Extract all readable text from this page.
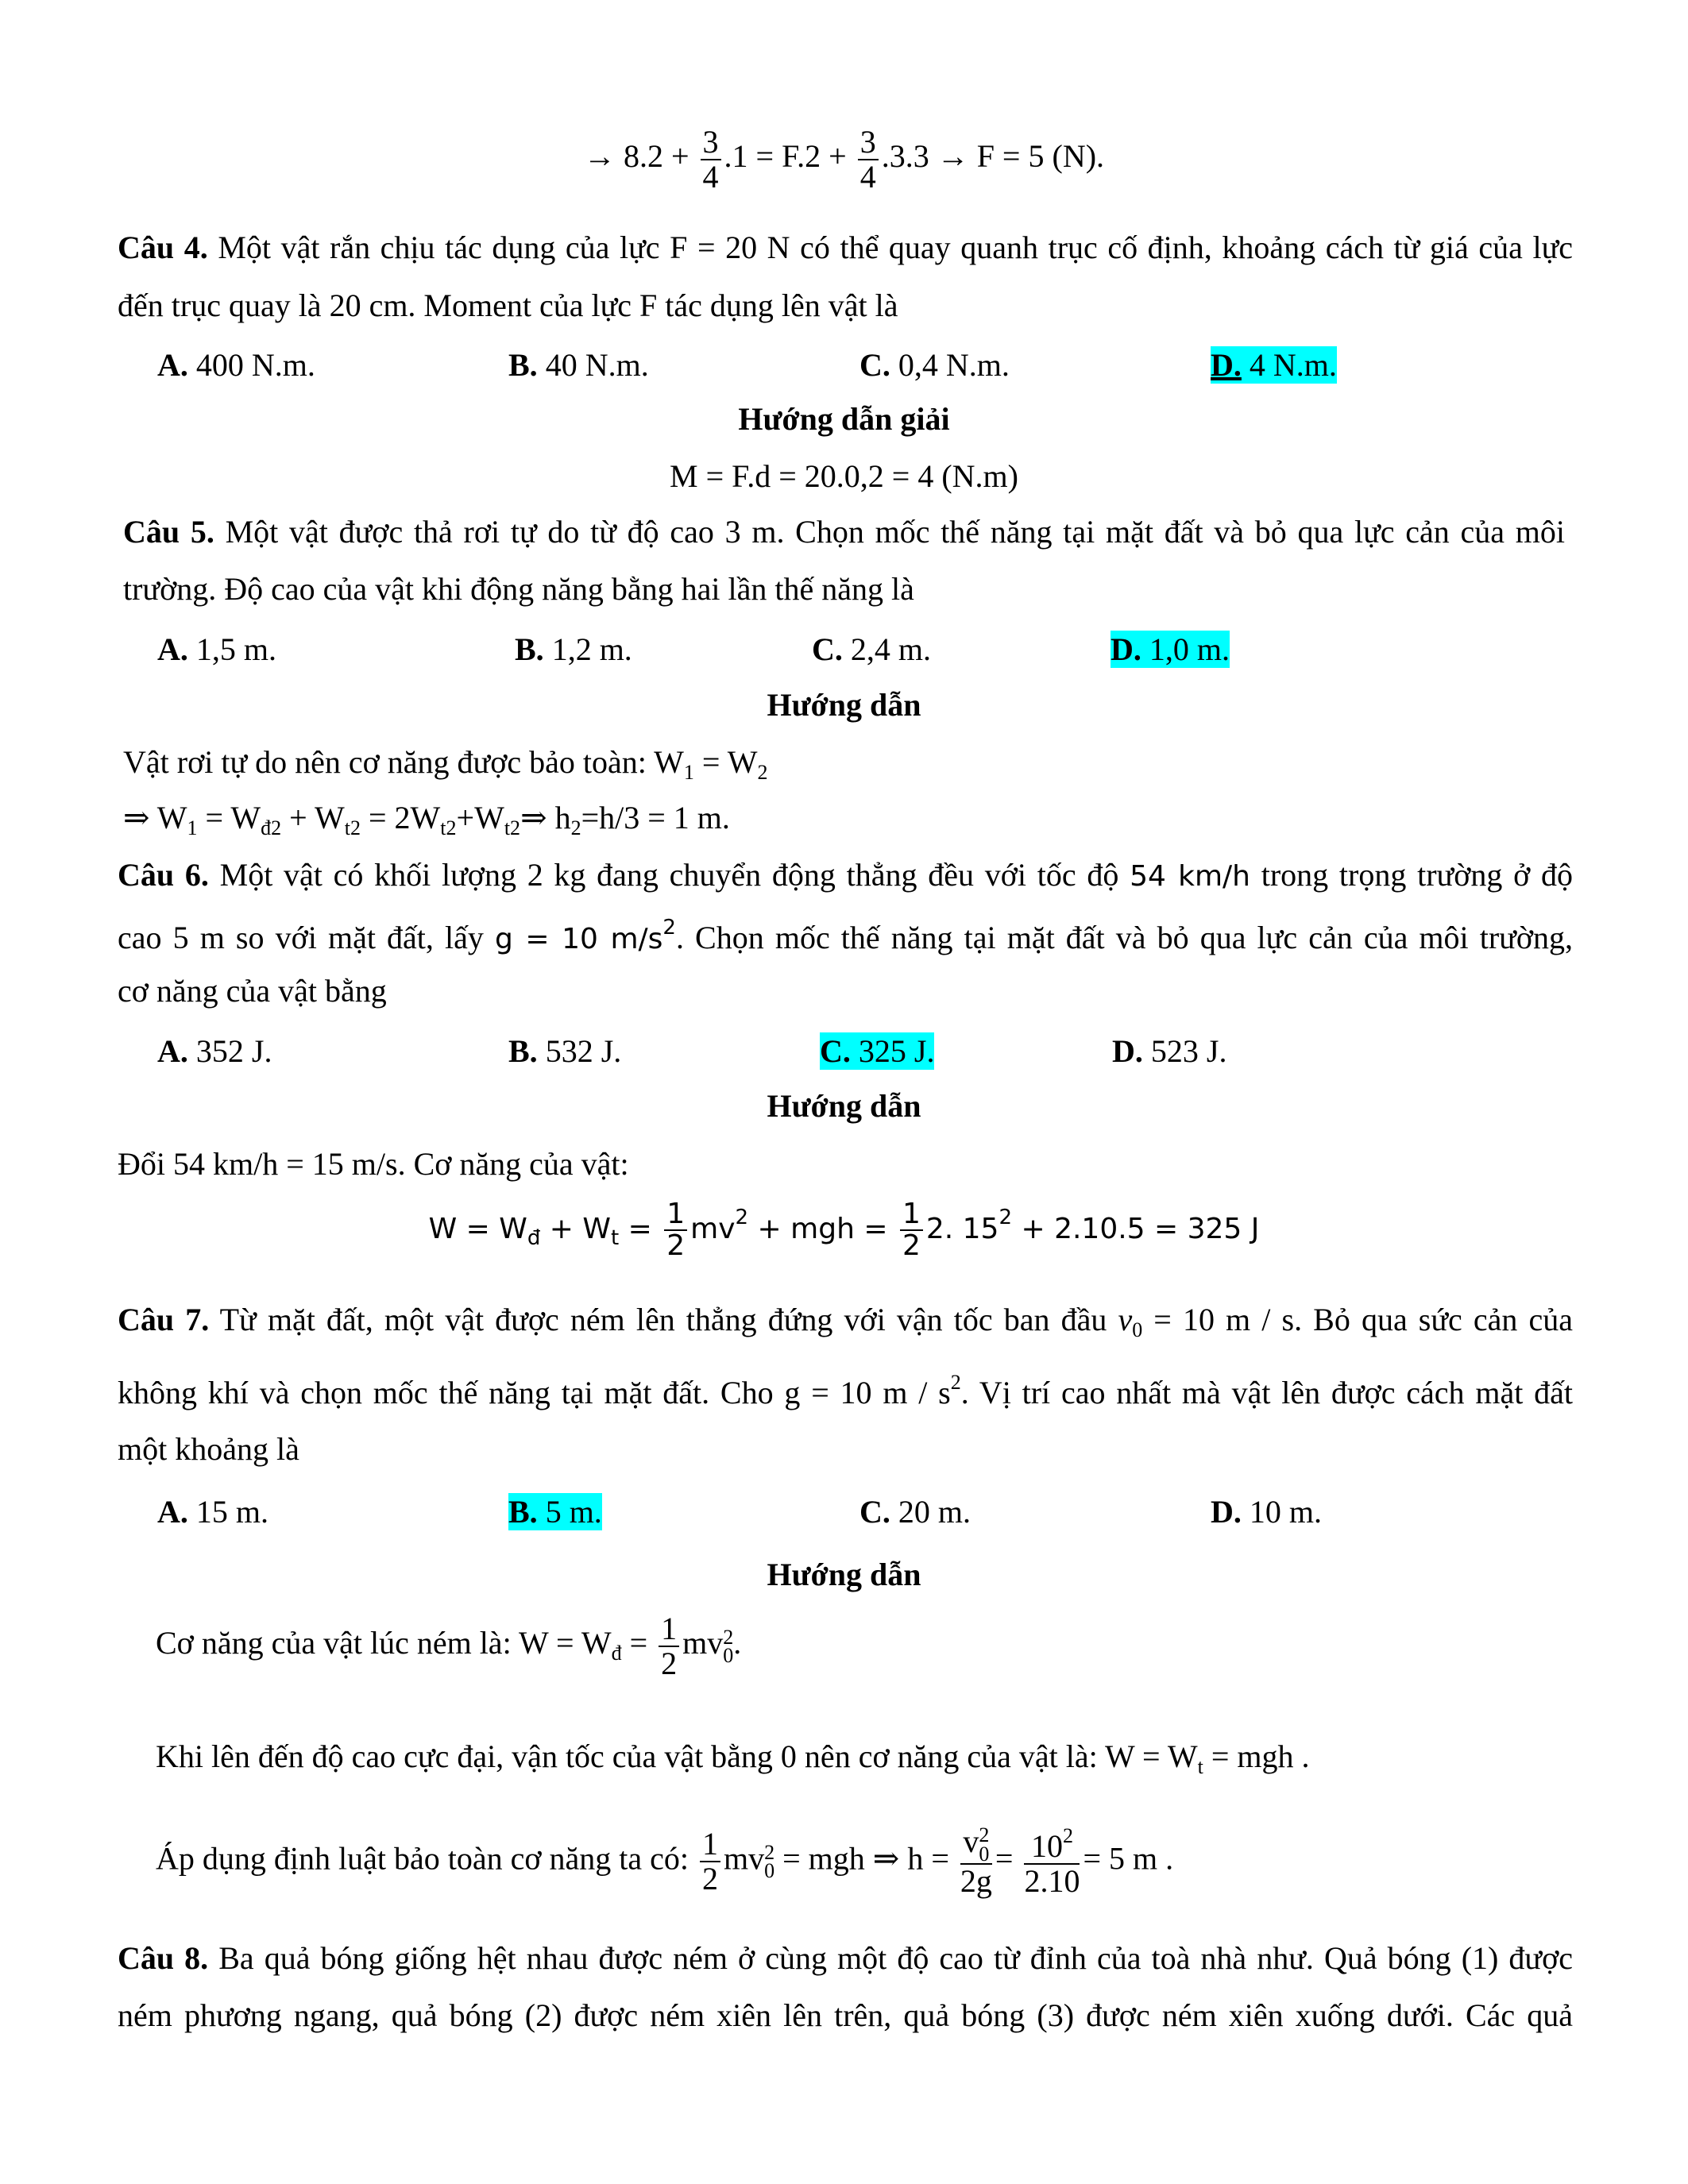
→ $8.2 + \frac{3}{4} .1 = F.2 + \frac{3}{4} .3.3 \to F = 5$ (N).
Câu 4. Một vật rắn chịu tác dụng của lực F = 20 N có thể quay quanh trục cố định, khoảng cách từ giá của lực
đến trục quay là 20 cm. Moment của lực F tác dụng lên vật là
A. 400 N.m.	B. 40 N.m.	C. 0,4 N.m.	D. 4 N.m.
Hướng dẫn giải
M = F.d = 20.0,2 = 4 (N.m)
Câu 5. Một vật được thả rơi tự do từ độ cao 3 m. Chọn mốc thế năng tại mặt đất và bỏ qua lực cản của môi
trường. Độ cao của vật khi động năng bằng hai lần thế năng là
A. 1,5 m.	B. 1,2 m.	C. 2,4 m.	D. 1,0 m.
Hướng dẫn
Vật rơi tự do nên cơ năng được bảo toàn: $W_1 = W_2$
⇒ $W_1 = W_{đ2} + W_{t2}$ = $2W_{t2}+W_{t2}\Rightarrow$ $h_2=h/3 = 1$ m.
Câu 6. Một vật có khối lượng 2 kg đang chuyển động thẳng đều với tốc độ 54 km/h trong trọng trường ở độ
cao 5 m so với mặt đất, lấy g = 10 $m/s^2$. Chọn mốc thế năng tại mặt đất và bỏ qua lực cản của môi trường,
cơ năng của vật bằng
A. 352 J.	B. 532 J.	C. 325 J.	D. 523 J.
Hướng dẫn
Đổi 54 km/h = 15 m/s. Cơ năng của vật:
$W = W_đ + W_t = \frac{1}{2} mv^2$ + mgh = $\frac{1}{2} 2$. $15^2 + 2.10.5 = 325$ J
Câu 7. Từ mặt đất, một vật được ném lên thẳng đứng với vận tốc ban đầu $v_0 = 10$ m / s. Bỏ qua sức cản của
không khí và chọn mốc thế năng tại mặt đất. Cho g = 10 m / $s^2$. Vị trí cao nhất mà vật lên được cách mặt đất
một khoảng là
A. 15 m.	B. 5 m.	C. 20 m.	D. 10 m.
Hướng dẫn
Cơ năng của vật lúc ném là: $W = W_đ = \frac{1}{2}$ mv 2
0 .
Khi lên đến độ cao cực đại, vận tốc của vật bằng 0 nên cơ năng của vật là: $W = W_t$ = mgh .
Áp dụng định luật bảo toàn cơ năng ta có: $\frac{1}{2}$ mv 2
0 = mgh ⇒ h = v 2
0
$2g = \frac{10^2}{2.10} = 5$ m .
Câu 8. Ba quả bóng giống hệt nhau được ném ở cùng một độ cao từ đỉnh của toà nhà như. Quả bóng (1) được
ném phương ngang, quả bóng (2) được ném xiên lên trên, quả bóng (3) được ném xiên xuống dưới. Các quả
